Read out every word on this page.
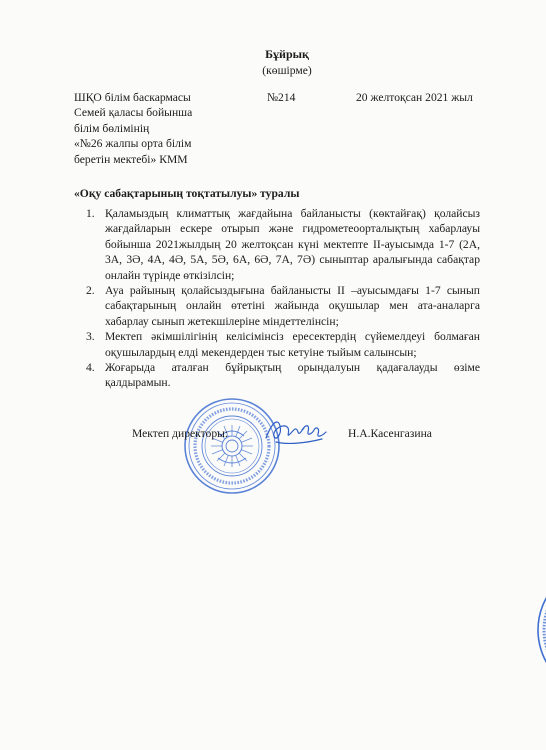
Бұйрық
(көшірме)
ШҚО білім баскармасы
Семей қаласы бойынша
білім бөлімінің
«№26 жалпы орта білім
беретін мектебі» КММ
№214	20 желтоқсан 2021 жыл
«Оқу сабақтарының тоқтатылуы» туралы
1. Қаламыздың климаттық жағдайына байланысты (көктайғақ) қолайсыз жағдайларын ескере отырып және гидрометеоорталықтың хабарлауы бойынша 2021жылдың 20 желтоқсан күні мектепте ІІ-ауысымда 1-7 (2А, 3А, 3Ә, 4А, 4Ә, 5А, 5Ә, 6А, 6Ә, 7А, 7Ә) сыныптар аралығында сабақтар онлайн түрінде өткізілсін;
2. Ауа райының қолайсыздығына байланысты ІІ –ауысымдағы 1-7 сынып сабақтарының онлайн өтетіні жайында оқушылар мен ата-аналарга хабарлау сынып жетекшілеріне міндеттелінсін;
3. Мектеп әкімшілігінің келісімінсіз ересектердің сүйемелдеуі болмаған оқушылардың елді мекендерден тыс кетуіне тыйым салынсын;
4. Жоғарыда аталған бұйрықтың орындалуын қадағалауды өзіме қалдырамын.
Мектеп директоры:	Н.А.Касенгазина
